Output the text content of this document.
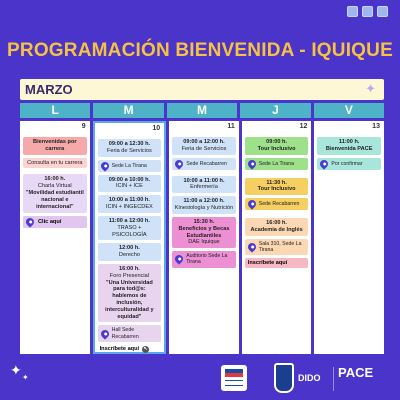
PROGRAMACIÓN BIENVENIDA - IQUIQUE
MARZO	✦
L	M	M	J	V
9
Bienvenidas por carrera
Consulta en tu carrera
16:00 h.
Charla Virtual
"Movilidad estudiantil nacional e internacional"
Clic aquí
10
09:00 a 12:30 h.
Feria de Servicios
Sede La Tirana
09:00 a 10:00 h.
ICIN + ICE
10:00 a 11:00 h.
ICIN + INGECDEX
11:00 a 12:00 h.
TRASO + PSICOLOGÍA
12:00 h.
Derecho
16:00 h.
Foro Presencial
"Una Universidad para tod@s: hablemos de inclusión, interculturalidad y equidad"
Hall Sede Recabarren
Inscríbete aquí ↖
11
09:00 a 12:00 h.
Feria de Servicios
Sede Recabarren
10:00 a 11:00 h.
Enfermería
11:00 a 12:00 h.
Kinesiología y Nutrición
15:30 h.
Beneficios y Becas Estudiantiles
DAE Iquique
Auditorio Sede La Tirana
12
09:00 h.
Tour Inclusivo
Sede La Tirana
11:30 h.
Tour Inclusivo
Sede Recabarren
16:00 h.
Academia de Inglés
Sala 310, Sede La Tirana
Inscríbete aquí
13
11:00 h.
Bienvenida PACE
Por confirmar
✦ ✦	DIDO PACE
